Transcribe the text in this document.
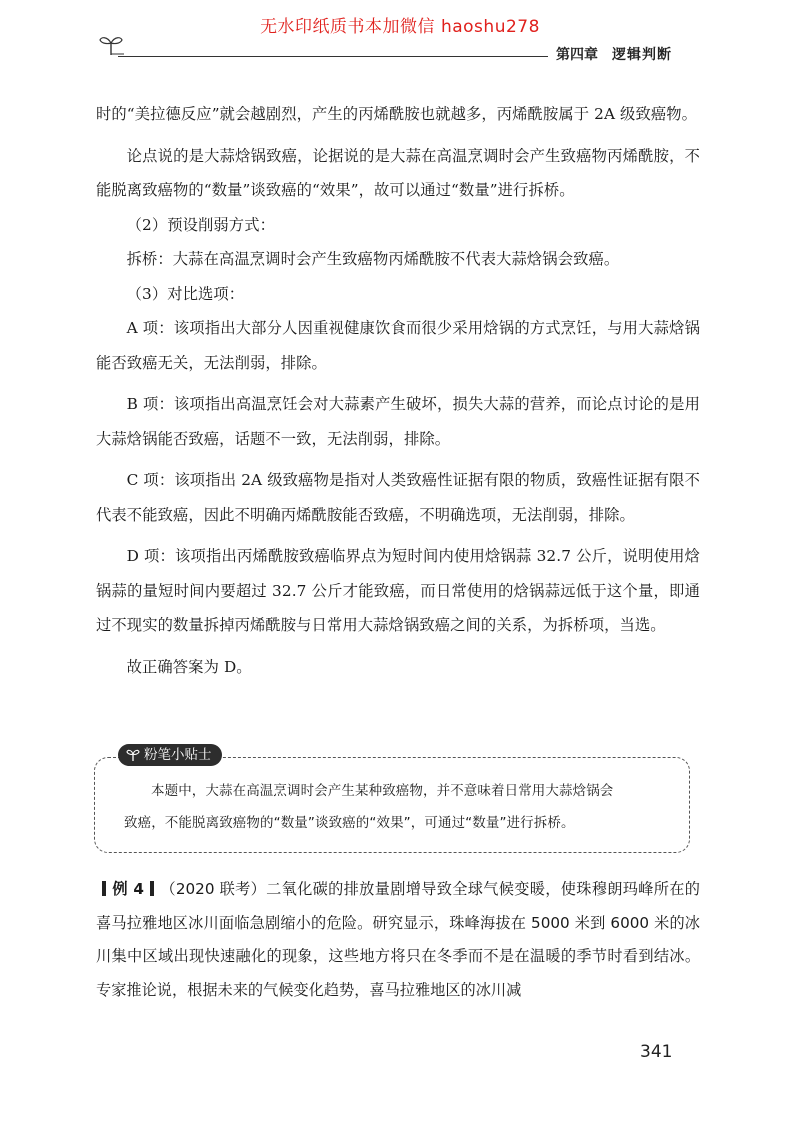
无水印纸质书本加微信 haoshu278
第四章 逻辑判断

时的“美拉德反应”就会越剧烈，产生的丙烯酰胺也就越多，丙烯酰胺属于 2A 级致癌物。

论点说的是大蒜焓锅致癌，论据说的是大蒜在高温烹调时会产生致癌物丙烯酰胺，不能脱离致癌物的“数量”谈致癌的“效果”，故可以通过“数量”进行拆桥。

（2）预设削弱方式：

拆桥：大蒜在高温烹调时会产生致癌物丙烯酰胺不代表大蒜焓锅会致癌。

（3）对比选项：

A 项：该项指出大部分人因重视健康饮食而很少采用焓锅的方式烹饪，与用大蒜焓锅能否致癌无关，无法削弱，排除。

B 项：该项指出高温烹饪会对大蒜素产生破坏，损失大蒜的营养，而论点讨论的是用大蒜焓锅能否致癌，话题不一致，无法削弱，排除。

C 项：该项指出 2A 级致癌物是指对人类致癌性证据有限的物质，致癌性证据有限不代表不能致癌，因此不明确丙烯酰胺能否致癌，不明确选项，无法削弱，排除。

D 项：该项指出丙烯酰胺致癌临界点为短时间内使用焓锅蒜 32.7 公斤，说明使用焓锅蒜的量短时间内要超过 32.7 公斤才能致癌，而日常使用的焓锅蒜远低于这个量，即通过不现实的数量拆掉丙烯酰胺与日常用大蒜焓锅致癌之间的关系，为拆桥项，当选。

故正确答案为 D。

粉笔小贴士

本题中，大蒜在高温烹调时会产生某种致癌物，并不意味着日常用大蒜焓锅会

致癌，不能脱离致癌物的“数量”谈致癌的“效果”，可通过“数量”进行拆桥。

例 4 （2020 联考）二氧化碳的排放量剧增导致全球气候变暖，使珠穆朗玛峰所在的喜马拉雅地区冰川面临急剧缩小的危险。研究显示，珠峰海拔在 5000 米到 6000 米的冰川集中区域出现快速融化的现象，这些地方将只在冬季而不是在温暖的季节时看到结冰。专家推论说，根据未来的气候变化趋势，喜马拉雅地区的冰川减

341
